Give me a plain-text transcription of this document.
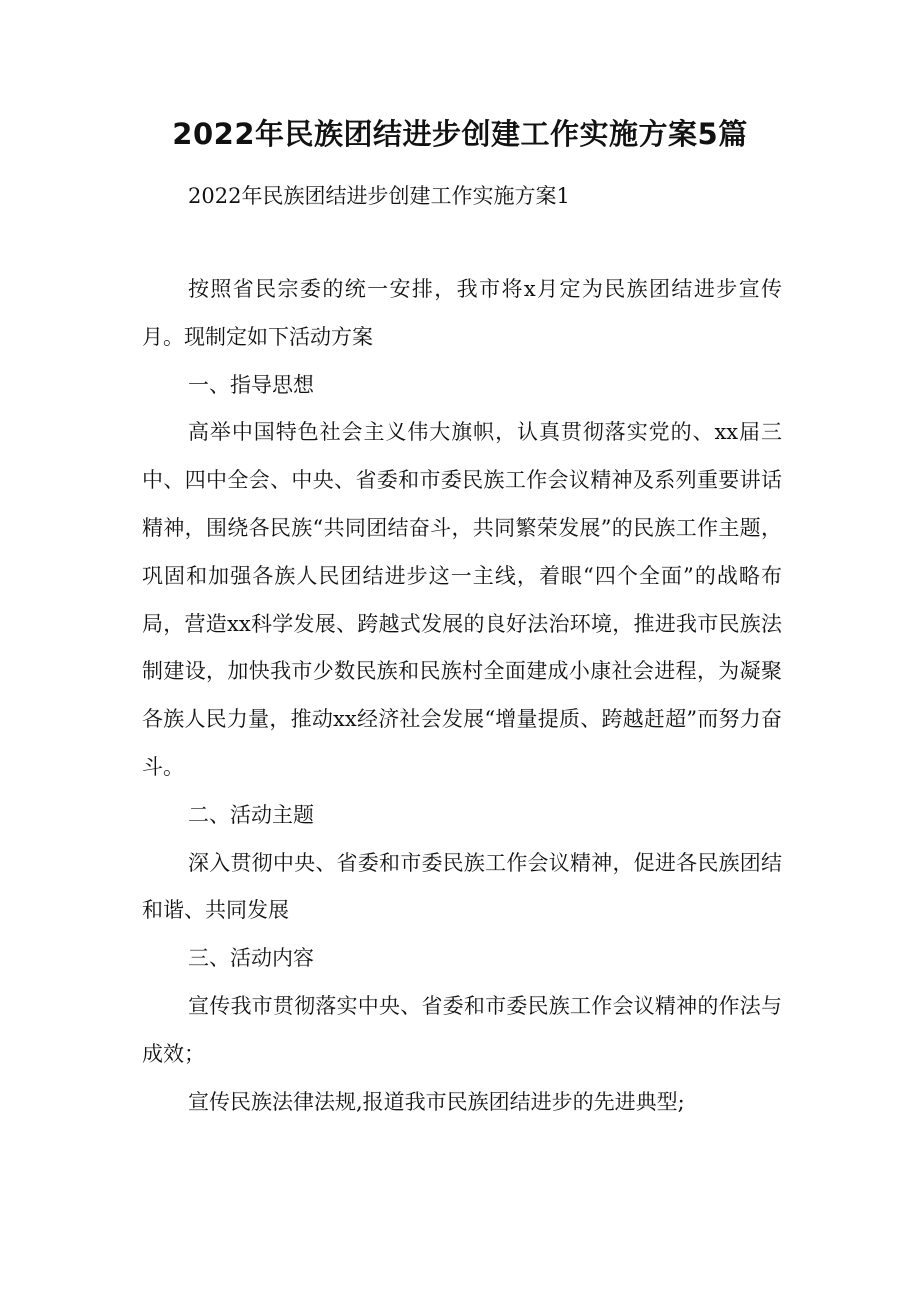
2022年民族团结进步创建工作实施方案5篇
2022年民族团结进步创建工作实施方案1

按照省民宗委的统一安排，我市将x月定为民族团结进步宣传月。现制定如下活动方案

一、指导思想

高举中国特色社会主义伟大旗帜，认真贯彻落实党的、xx届三中、四中全会、中央、省委和市委民族工作会议精神及系列重要讲话精神，围绕各民族“共同团结奋斗，共同繁荣发展”的民族工作主题，巩固和加强各族人民团结进步这一主线，着眼“四个全面”的战略布局，营造xx科学发展、跨越式发展的良好法治环境，推进我市民族法制建设，加快我市少数民族和民族村全面建成小康社会进程，为凝聚各族人民力量，推动xx经济社会发展“增量提质、跨越赶超”而努力奋斗。

二、活动主题

深入贯彻中央、省委和市委民族工作会议精神，促进各民族团结和谐、共同发展

三、活动内容

宣传我市贯彻落实中央、省委和市委民族工作会议精神的作法与成效；

宣传民族法律法规,报道我市民族团结进步的先进典型;
